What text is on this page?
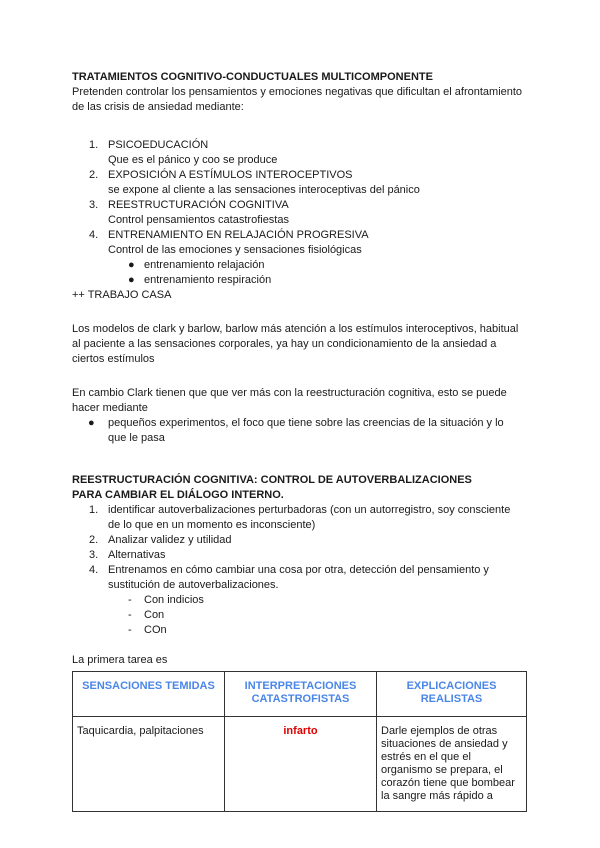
TRATAMIENTOS COGNITIVO-CONDUCTUALES MULTICOMPONENTE

Pretenden controlar los pensamientos y emociones negativas que dificultan el afrontamiento

de las crisis de ansiedad mediante:

1. PSICOEDUCACIÓN

Que es el pánico y coo se produce

2. EXPOSICIÓN A ESTÍMULOS INTEROCEPTIVOS

se expone al cliente a las sensaciones interoceptivas del pánico

3. REESTRUCTURACIÓN COGNITIVA

Control pensamientos catastrofiestas

4. ENTRENAMIENTO EN RELAJACIÓN PROGRESIVA

Control de las emociones y sensaciones fisiológicas

● entrenamiento relajación
● entrenamiento respiración

++ TRABAJO CASA

Los modelos de clark y barlow, barlow más atención a los estímulos interoceptivos, habitual

al paciente a las sensaciones corporales, ya hay un condicionamiento de la ansiedad a

ciertos estímulos

En cambio Clark tienen que que ver más con la reestructuración cognitiva, esto se puede

hacer mediante

● pequeños experimentos, el foco que tiene sobre las creencias de la situación y lo

que le pasa

REESTRUCTURACIÓN COGNITIVA: CONTROL DE AUTOVERBALIZACIONES

PARA CAMBIAR EL DIÁLOGO INTERNO.

1. identificar autoverbalizaciones perturbadoras (con un autorregistro, soy consciente

de lo que en un momento es inconsciente)

2. Analizar validez y utilidad

3. Alternativas

4. Entrenamos en cómo cambiar una cosa por otra, detección del pensamiento y

sustitución de autoverbalizaciones.

- Con indicios
- Con
- COn

La primera tarea es

SENSACIONES TEMIDAS	INTERPRETACIONES CATASTROFISTAS	EXPLICACIONES REALISTAS
Taquicardia, palpitaciones	infarto	Darle ejemplos de otras situaciones de ansiedad y estrés en el que el organismo se prepara, el corazón tiene que bombear la sangre más rápido a
